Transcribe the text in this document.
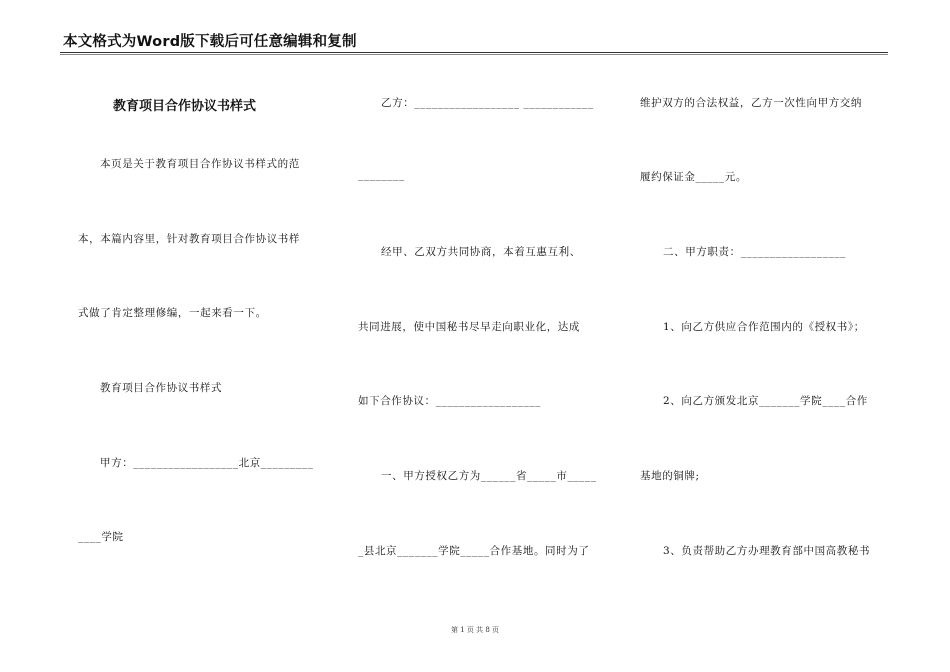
本文格式为Word版下载后可任意编辑和复制
教育项目合作协议书样式
本页是关于教育项目合作协议书样式的范
本，本篇内容里，针对教育项目合作协议书样
式做了肯定整理修编，一起来看一下。
教育项目合作协议书样式
甲方：__________________北京_________
____学院
乙方：__________________ ____________
________
经甲、乙双方共同协商，本着互惠互利、
共同进展，使中国秘书尽早走向职业化，达成
如下合作协议：__________________
一、甲方授权乙方为______省_____市_____
_县北京_______学院_____合作基地。同时为了
维护双方的合法权益，乙方一次性向甲方交纳
履约保证金_____元。
二、甲方职责：__________________
1、向乙方供应合作范围内的《授权书》；
2、向乙方颁发北京_______学院____合作
基地的铜牌;
3、负责帮助乙方办理教育部中国高教秘书
第 1 页 共 8 页
